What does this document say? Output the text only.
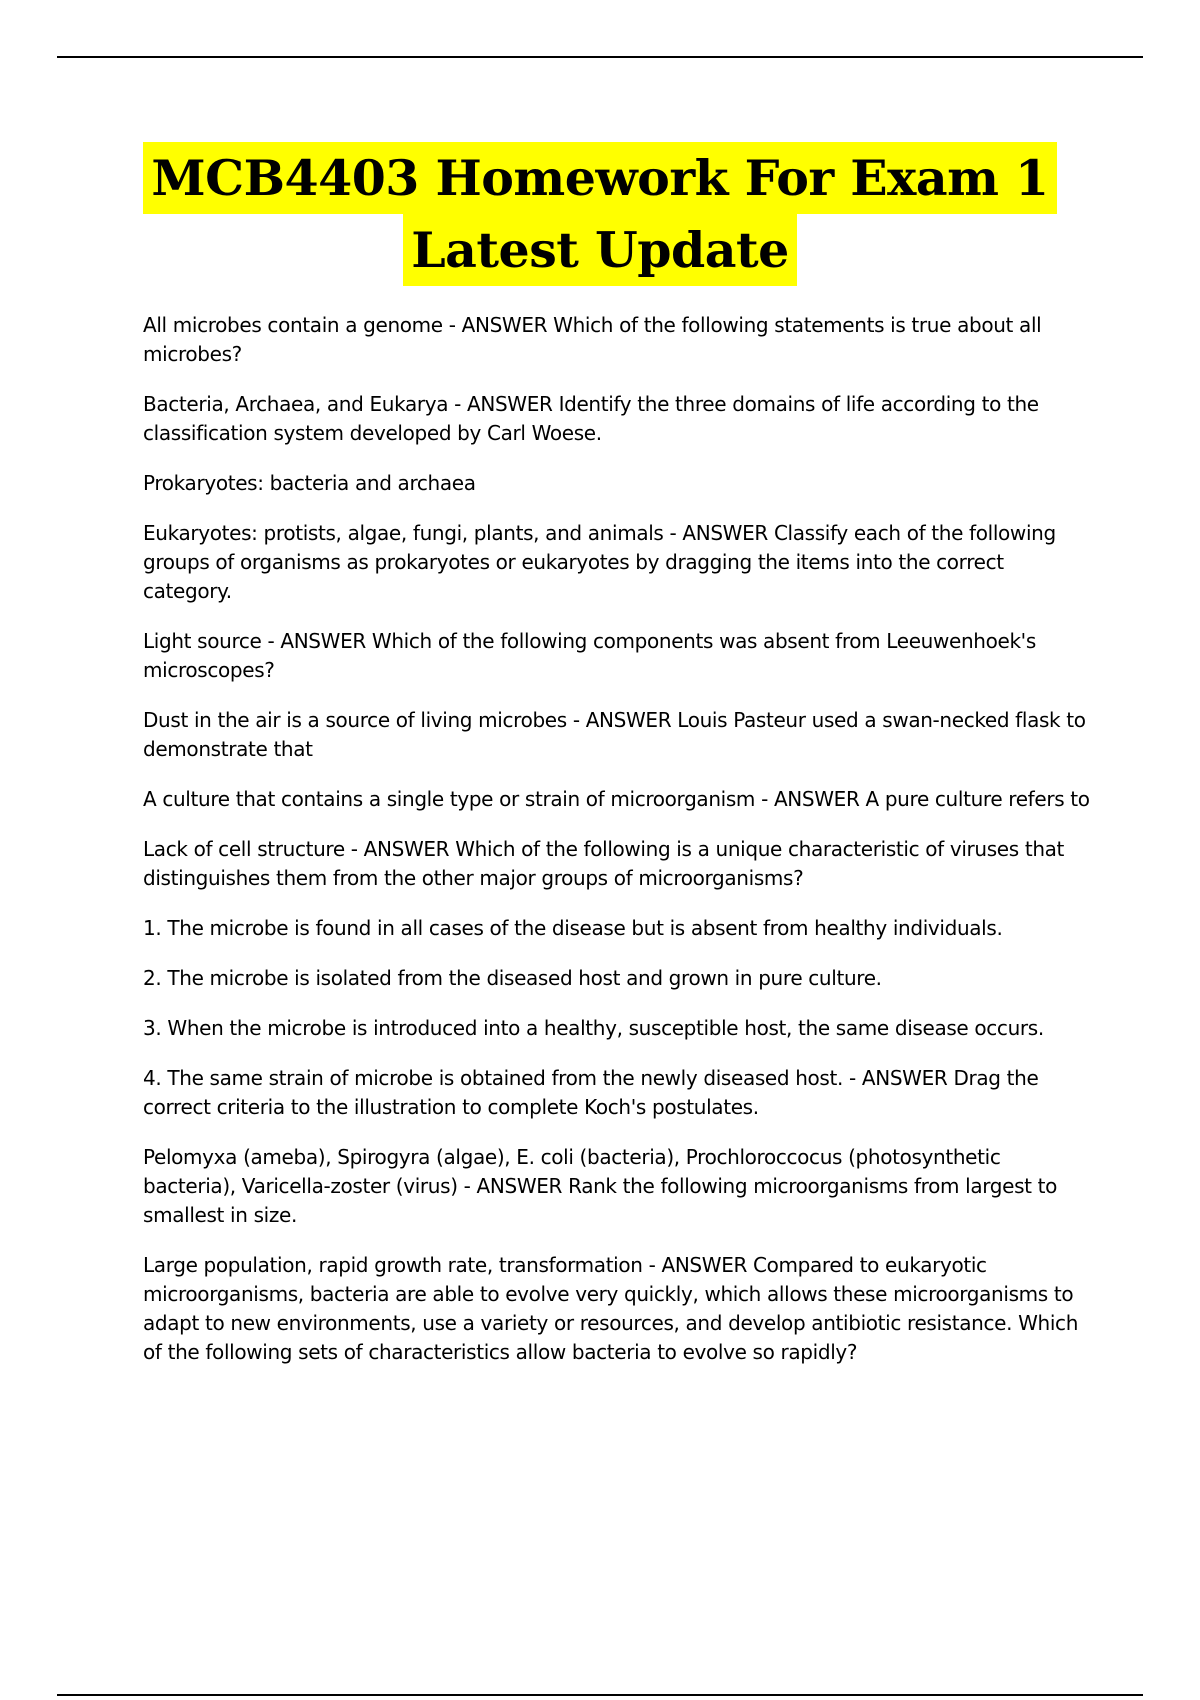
MCB4403 Homework For Exam 1
Latest Update

All microbes contain a genome - ANSWER Which of the following statements is true about all microbes?

Bacteria, Archaea, and Eukarya - ANSWER Identify the three domains of life according to the classification system developed by Carl Woese.

Prokaryotes: bacteria and archaea

Eukaryotes: protists, algae, fungi, plants, and animals - ANSWER Classify each of the following groups of organisms as prokaryotes or eukaryotes by dragging the items into the correct category.

Light source - ANSWER Which of the following components was absent from Leeuwenhoek's microscopes?

Dust in the air is a source of living microbes - ANSWER Louis Pasteur used a swan-necked flask to demonstrate that

A culture that contains a single type or strain of microorganism - ANSWER A pure culture refers to

Lack of cell structure - ANSWER Which of the following is a unique characteristic of viruses that distinguishes them from the other major groups of microorganisms?

1. The microbe is found in all cases of the disease but is absent from healthy individuals.

2. The microbe is isolated from the diseased host and grown in pure culture.

3. When the microbe is introduced into a healthy, susceptible host, the same disease occurs.

4. The same strain of microbe is obtained from the newly diseased host. - ANSWER Drag the correct criteria to the illustration to complete Koch's postulates.

Pelomyxa (ameba), Spirogyra (algae), E. coli (bacteria), Prochloroccocus (photosynthetic bacteria), Varicella-zoster (virus) - ANSWER Rank the following microorganisms from largest to smallest in size.

Large population, rapid growth rate, transformation - ANSWER Compared to eukaryotic microorganisms, bacteria are able to evolve very quickly, which allows these microorganisms to adapt to new environments, use a variety or resources, and develop antibiotic resistance. Which of the following sets of characteristics allow bacteria to evolve so rapidly?
